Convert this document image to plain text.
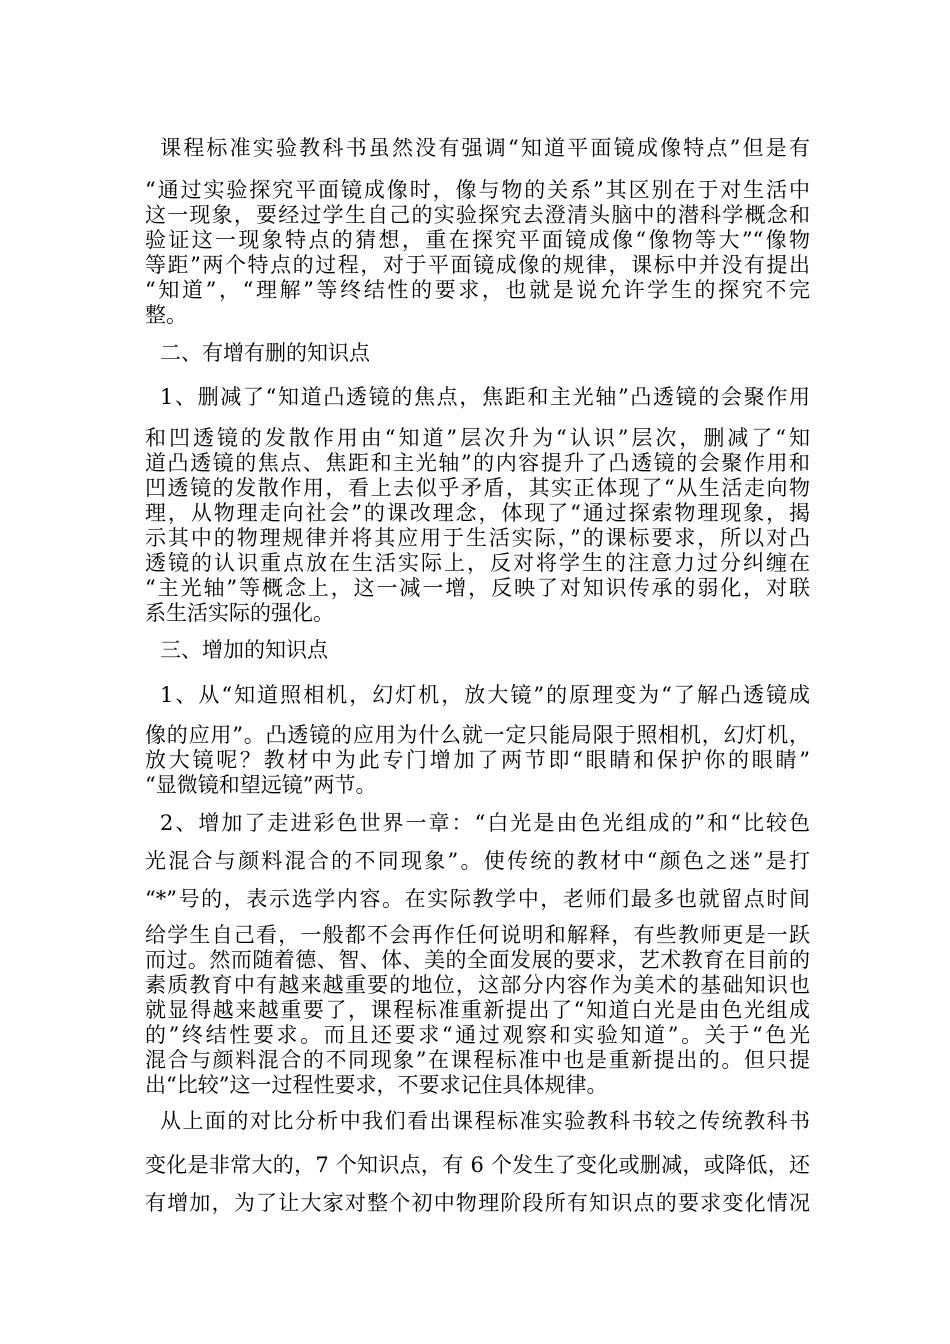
课程标准实验教科书虽然没有强调“知道平面镜成像特点”但是有

“通过实验探究平面镜成像时，像与物的关系”其区别在于对生活中

这一现象，要经过学生自己的实验探究去澄清头脑中的潜科学概念和

验证这一现象特点的猜想，重在探究平面镜成像“像物等大”“像物

等距”两个特点的过程，对于平面镜成像的规律，课标中并没有提出

“知道”，“理解”等终结性的要求，也就是说允许学生的探究不完

整。

二、有增有删的知识点

1、删减了“知道凸透镜的焦点，焦距和主光轴”凸透镜的会聚作用

和凹透镜的发散作用由“知道”层次升为“认识”层次，删减了“知

道凸透镜的焦点、焦距和主光轴”的内容提升了凸透镜的会聚作用和

凹透镜的发散作用，看上去似乎矛盾，其实正体现了“从生活走向物

理，从物理走向社会”的课改理念，体现了“通过探索物理现象，揭

示其中的物理规律并将其应用于生活实际，”的课标要求，所以对凸

透镜的认识重点放在生活实际上，反对将学生的注意力过分纠缠在

“主光轴”等概念上，这一减一增，反映了对知识传承的弱化，对联

系生活实际的强化。

三、增加的知识点

1、从“知道照相机，幻灯机，放大镜”的原理变为“了解凸透镜成

像的应用”。凸透镜的应用为什么就一定只能局限于照相机，幻灯机，

放大镜呢？教材中为此专门增加了两节即“眼睛和保护你的眼睛”

“显微镜和望远镜”两节。

2、增加了走进彩色世界一章：“白光是由色光组成的”和“比较色

光混合与颜料混合的不同现象”。使传统的教材中“颜色之迷”是打

“*”号的，表示选学内容。在实际教学中，老师们最多也就留点时间

给学生自己看，一般都不会再作任何说明和解释，有些教师更是一跃

而过。然而随着德、智、体、美的全面发展的要求，艺术教育在目前的

素质教育中有越来越重要的地位，这部分内容作为美术的基础知识也

就显得越来越重要了，课程标准重新提出了“知道白光是由色光组成

的”终结性要求。而且还要求“通过观察和实验知道”。关于“色光

混合与颜料混合的不同现象”在课程标准中也是重新提出的。但只提

出“比较”这一过程性要求，不要求记住具体规律。

从上面的对比分析中我们看出课程标准实验教科书较之传统教科书

变化是非常大的，7 个知识点，有 6 个发生了变化或删减，或降低，还

有增加，为了让大家对整个初中物理阶段所有知识点的要求变化情况
